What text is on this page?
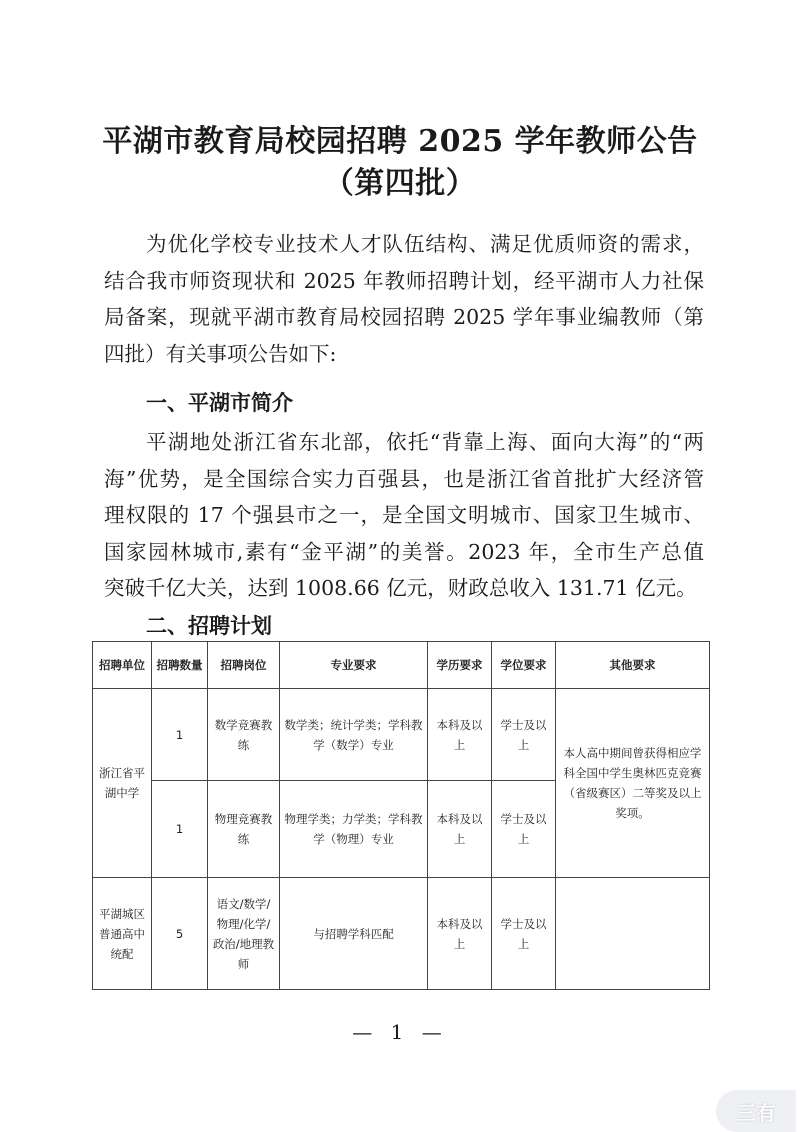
平湖市教育局校园招聘 2025 学年教师公告
（第四批）
为优化学校专业技术人才队伍结构、满足优质师资的需求，
结合我市师资现状和 2025 年教师招聘计划，经平湖市人力社保
局备案，现就平湖市教育局校园招聘 2025 学年事业编教师（第
四批）有关事项公告如下:
一、平湖市简介
平湖地处浙江省东北部，依托“背靠上海、面向大海”的“两
海”优势，是全国综合实力百强县，也是浙江省首批扩大经济管
理权限的 17 个强县市之一，是全国文明城市、国家卫生城市、
国家园林城市,素有“金平湖”的美誉。2023 年，全市生产总值
突破千亿大关，达到 1008.66 亿元，财政总收入 131.71 亿元。
二、招聘计划
招聘单位	招聘数量	招聘岗位	专业要求	学历要求	学位要求	其他要求
浙江省平湖中学	1	数学竞赛教练	数学类；统计学类；学科教学（数学）专业	本科及以上	学士及以上	本人高中期间曾获得相应学科全国中学生奥林匹克竞赛（省级赛区）二等奖及以上奖项。
	1	物理竞赛教练	物理学类；力学类；学科教学（物理）专业	本科及以上	学士及以上	
平湖城区普通高中统配	5	语文/数学/物理/化学/政治/地理教师	与招聘学科匹配	本科及以上	学士及以上	
— 1 —
三有
